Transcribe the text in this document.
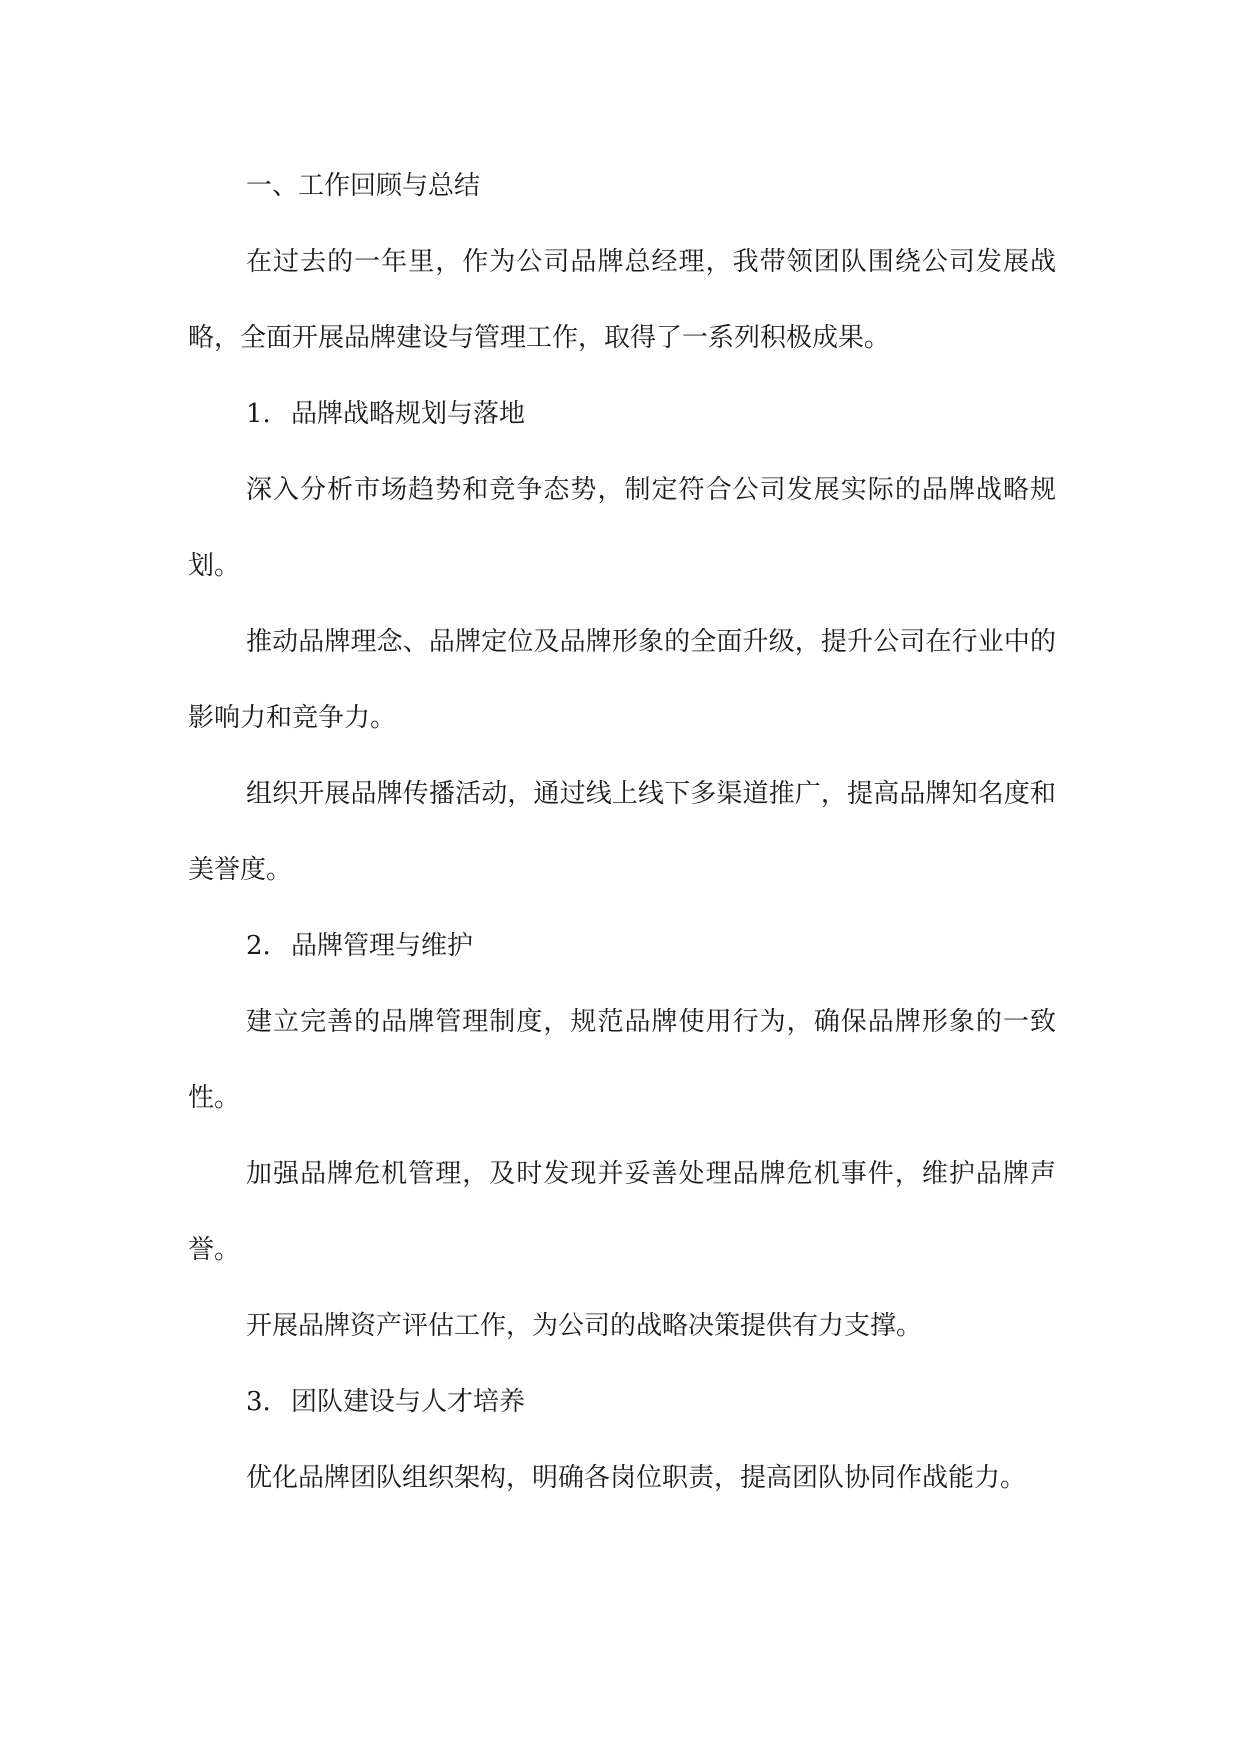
一、工作回顾与总结

在过去的一年里，作为公司品牌总经理，我带领团队围绕公司发展战略，全面开展品牌建设与管理工作，取得了一系列积极成果。

1. 品牌战略规划与落地

深入分析市场趋势和竞争态势，制定符合公司发展实际的品牌战略规划。

推动品牌理念、品牌定位及品牌形象的全面升级，提升公司在行业中的影响力和竞争力。

组织开展品牌传播活动，通过线上线下多渠道推广，提高品牌知名度和美誉度。

2. 品牌管理与维护

建立完善的品牌管理制度，规范品牌使用行为，确保品牌形象的一致性。

加强品牌危机管理，及时发现并妥善处理品牌危机事件，维护品牌声誉。

开展品牌资产评估工作，为公司的战略决策提供有力支撑。

3. 团队建设与人才培养

优化品牌团队组织架构，明确各岗位职责，提高团队协同作战能力。
